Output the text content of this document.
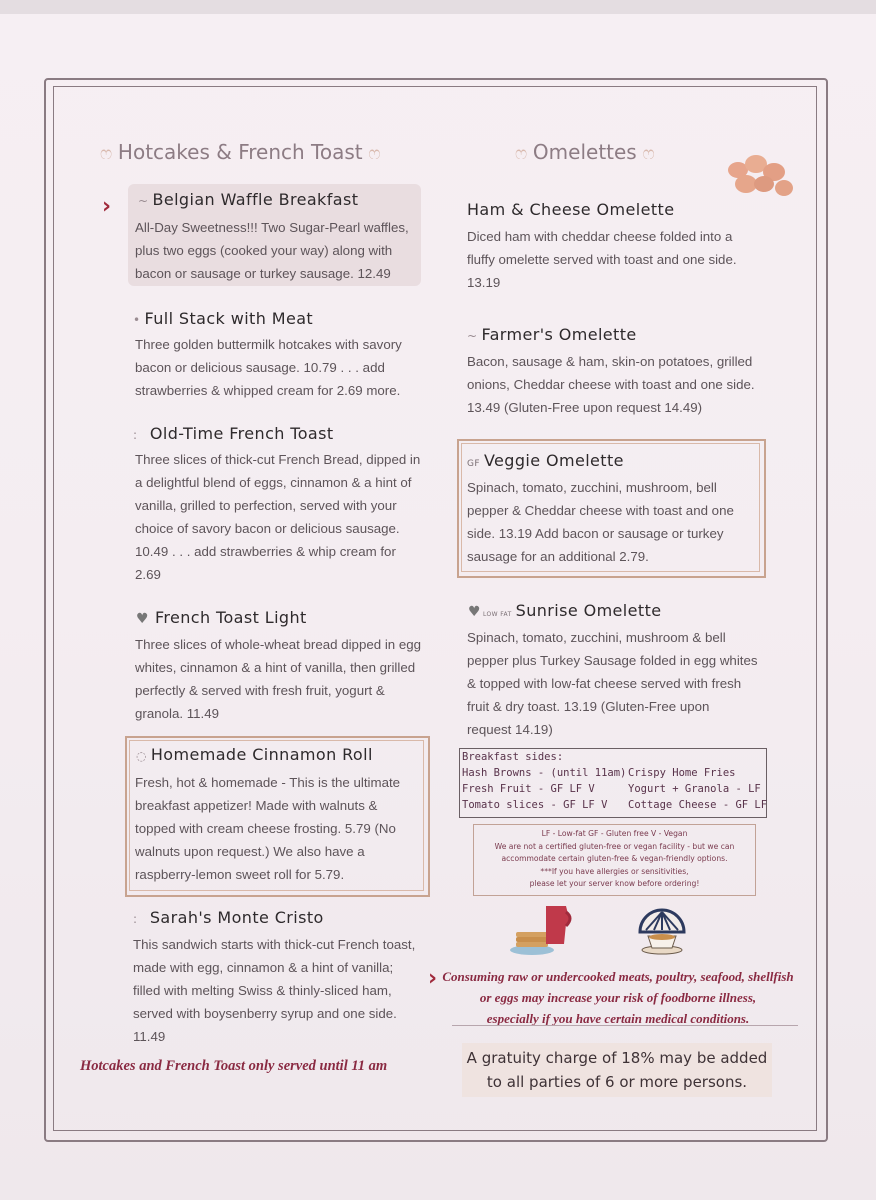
ෆ Hotcakes & French Toast ෆ	ෆ Omelettes ෆ
› ~ Belgian Waffle Breakfast
All-Day Sweetness!!! Two Sugar-Pearl waffles,
plus two eggs (cooked your way) along with
bacon or sausage or turkey sausage. 12.49
• Full Stack with Meat
Three golden buttermilk hotcakes with savory
bacon or delicious sausage. 10.79 . . . add
strawberries & whipped cream for 2.69 more.
:  Old-Time French Toast
Three slices of thick-cut French Bread, dipped in
a delightful blend of eggs, cinnamon & a hint of
vanilla, grilled to perfection, served with your
choice of savory bacon or delicious sausage.
10.49 . . . add strawberries & whip cream for
2.69
♥ French Toast Light
Three slices of whole-wheat bread dipped in egg
whites, cinnamon & a hint of vanilla, then grilled
perfectly & served with fresh fruit, yogurt &
granola. 11.49
◌ Homemade Cinnamon Roll
Fresh, hot & homemade - This is the ultimate
breakfast appetizer! Made with walnuts &
topped with cream cheese frosting. 5.79 (No
walnuts upon request.) We also have a
raspberry-lemon sweet roll for 5.79.
:  Sarah's Monte Cristo
This sandwich starts with thick-cut French toast,
made with egg, cinnamon & a hint of vanilla;
filled with melting Swiss & thinly-sliced ham,
served with boysenberry syrup and one side.
11.49
Hotcakes and French Toast only served until 11 am
Ham & Cheese Omelette
Diced ham with cheddar cheese folded into a
fluffy omelette served with toast and one side.
13.19
~ Farmer's Omelette
Bacon, sausage & ham, skin-on potatoes, grilled
onions, Cheddar cheese with toast and one side.
13.49 (Gluten-Free upon request 14.49)
GF Veggie Omelette
Spinach, tomato, zucchini, mushroom, bell
pepper & Cheddar cheese with toast and one
side. 13.19 Add bacon or sausage or turkey
sausage for an additional 2.79.
♥ LOW FAT Sunrise Omelette
Spinach, tomato, zucchini, mushroom & bell
pepper plus Turkey Sausage folded in egg whites
& topped with low-fat cheese served with fresh
fruit & dry toast. 13.19 (Gluten-Free upon
request 14.19)
Breakfast sides:
Hash Browns - (until 11am)
Fresh Fruit - GF LF V
Tomato slices - GF LF V
Crispy Home Fries
Yogurt + Granola - LF
Cottage Cheese - GF LF
LF - Low-fat GF - Gluten free V - Vegan
We are not a certified gluten-free or vegan facility - but we can
accommodate certain gluten-free & vegan-friendly options.
***If you have allergies or sensitivities,
please let your server know before ordering!
› Consuming raw or undercooked meats, poultry, seafood, shellfish
or eggs may increase your risk of foodborne illness,
especially if you have certain medical conditions.
A gratuity charge of 18% may be added
to all parties of 6 or more persons.
